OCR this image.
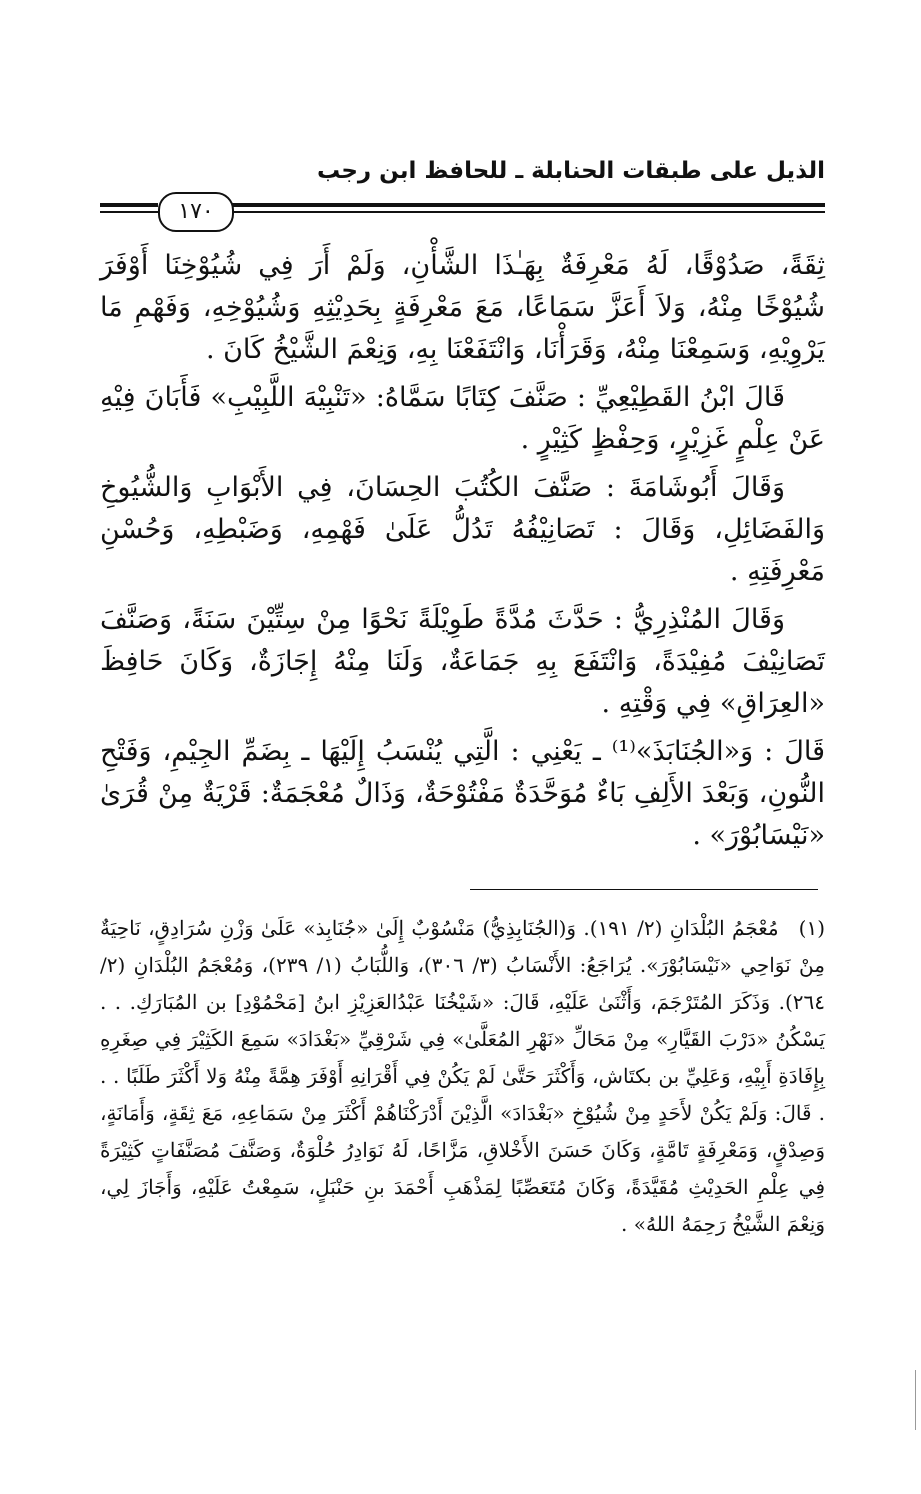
الذيل على طبقات الحنابلة ـ للحافظ ابن رجب
١٧٠

ثِقَةً، صَدُوْقًا، لَهُ مَعْرِفَةٌ بِهَـٰذَا الشَّأْنِ، وَلَمْ أَرَ فِي شُيُوْخِنَا أَوْفَرَ شُيُوْخًا مِنْهُ، وَلاَ أَعَزَّ سَمَاعًا، مَعَ مَعْرِفَةٍ بِحَدِيْثِهِ وَشُيُوْخِهِ، وَفَهْمِ مَا يَرْوِيْهِ، وَسَمِعْنَا مِنْهُ، وَقَرَأْنَا، وَانْتَفَعْنَا بِهِ، وَنِعْمَ الشَّيْخُ كَانَ .

قَالَ ابْنُ القَطِيْعِيِّ : صَنَّفَ كِتَابًا سَمَّاهُ: «تَنْبِيْهَ اللَّبِيْبِ» فَأَبَانَ فِيْهِ عَنْ عِلْمٍ غَزِيْرٍ، وَحِفْظٍ كَثِيْرٍ .

وَقَالَ أَبُوشَامَةَ : صَنَّفَ الكُتُبَ الحِسَانَ، فِي الأَبْوَابِ وَالشُّيُوخِ وَالفَضَائِلِ، وَقَالَ : تَصَانِيْفُهُ تَدُلُّ عَلَىٰ فَهْمِهِ، وَضَبْطِهِ، وَحُسْنِ مَعْرِفَتِهِ .

وَقَالَ المُنْذِرِيُّ : حَدَّثَ مُدَّةً طَوِيْلَةً نَحْوًا مِنْ سِتِّيْنَ سَنَةً، وَصَنَّفَ تَصَانِيْفَ مُفِيْدَةً، وَانْتَفَعَ بِهِ جَمَاعَةٌ، وَلَنَا مِنْهُ إِجَازَةٌ، وَكَانَ حَافِظَ «العِرَاقِ» فِي وَقْتِهِ .

قَالَ : وَ«الجُنَابَذَ»⁽¹⁾ ـ يَعْنِي : الَّتِي يُنْسَبُ إِلَيْهَا ـ بِضَمِّ الجِيْمِ، وَفَتْحِ النُّونِ، وَبَعْدَ الأَلِفِ بَاءٌ مُوَحَّدَةٌ مَفْتُوْحَةٌ، وَذَالٌ مُعْجَمَةٌ: قَرْيَةٌ مِنْ قُرَىٰ «نَيْسَابُوْرَ» .

(١)مُعْجَمُ البُلْدَانِ (٢/ ١٩١). وَ(الجُنَابِذِيُّ) مَنْسُوْبٌ إِلَىٰ «جُنَابِذ» عَلَىٰ وَزْنِ سُرَادِقٍ، نَاحِيَةٌ مِنْ نَوَاحِي «نَيْسَابُوْرَ». يُرَاجَعُ: الأَنْسَابُ (٣/ ٣٠٦)، وَاللُّبَابُ (١/ ٢٣٩)، وَمُعْجَمُ البُلْدَانِ (٢/ ٢٦٤). وَذَكَرَ المُتَرْجَمَ، وَأَثْنَىٰ عَلَيْهِ، قَالَ: «شَيْخُنَا عَبْدُالعَزِيْزِ ابنُ [مَحْمُوْدِ] بن المُبَارَكِ. . . يَسْكُنُ «دَرْبَ القَيَّارِ» مِنْ مَحَالِّ «نَهْرِ المُعَلَّىٰ» فِي شَرْقِيِّ «بَغْدَادَ» سَمِعَ الكَثِيْرَ فِي صِغَرِهِ بِإِفَادَةِ أَبِيْهِ، وَعَلِيِّ بن بكتَاش، وَأَكْثَرَ حَتَّىٰ لَمْ يَكُنْ فِي أَقْرَانِهِ أَوْفَرَ هِمَّةً مِنْهُ وَلا أَكْثَرَ طَلَبًا . . . قَالَ: وَلَمْ يَكُنْ لأَحَدٍ مِنْ شُيُوْخِ «بَغْدَادَ» الَّذِيْنَ أَدْرَكْنَاهُمْ أَكْثَرَ مِنْ سَمَاعِهِ، مَعَ ثِقَةٍ، وَأَمَانَةٍ، وَصِدْقٍ، وَمَعْرِفَةٍ تَامَّةٍ، وَكَانَ حَسَنَ الأَخْلاقِ، مَزَّاحًا، لَهُ نَوَادِرُ حُلْوَةٌ، وَصَنَّفَ مُصَنَّفَاتٍ كَثِيْرَةً فِي عِلْمِ الحَدِيْثِ مُقَيَّدَةً، وَكَانَ مُتَعَصِّبًا لِمَذْهَبِ أَحْمَدَ بنِ حَنْبَلٍ، سَمِعْتُ عَلَيْهِ، وَأَجَازَ لِي، وَنِعْمَ الشَّيْخُ رَحِمَهُ اللهُ» .
